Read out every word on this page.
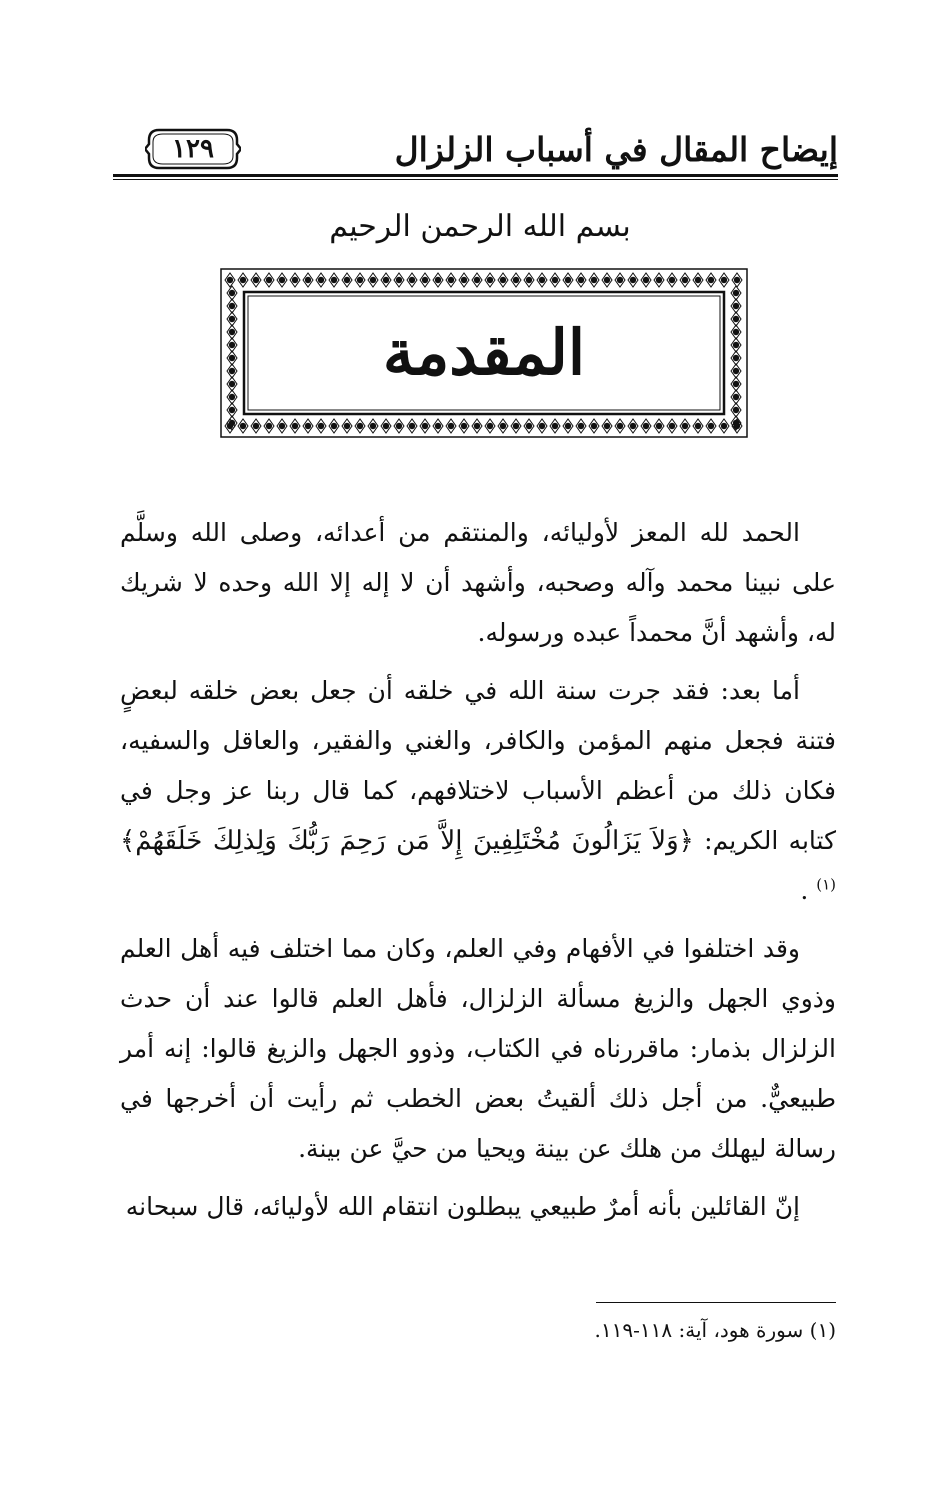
١٢٩	إيضاح المقال في أسباب الزلزال
بسم الله الرحمن الرحيم
المقدمة

الحمد لله المعز لأوليائه، والمنتقم من أعدائه، وصلى الله وسلَّم على نبينا محمد وآله وصحبه، وأشهد أن لا إله إلا الله وحده لا شريك له، وأشهد أنَّ محمداً عبده ورسوله.

أما بعد: فقد جرت سنة الله في خلقه أن جعل بعض خلقه لبعضٍ فتنة فجعل منهم المؤمن والكافر، والغني والفقير، والعاقل والسفيه، فكان ذلك من أعظم الأسباب لاختلافهم، كما قال ربنا عز وجل في كتابه الكريم: ﴿وَلاَ يَزَالُونَ مُخْتَلِفِينَ إِلاَّ مَن رَحِمَ رَبُّكَ وَلِذلِكَ خَلَقَهُمْ﴾ $^{(١)}$ .

وقد اختلفوا في الأفهام وفي العلم، وكان مما اختلف فيه أهل العلم وذوي الجهل والزيغ مسألة الزلزال، فأهل العلم قالوا عند أن حدث الزلزال بذمار: ماقررناه في الكتاب، وذوو الجهل والزيغ قالوا: إنه أمر طبيعيٌّ. من أجل ذلك ألقيتُ بعض الخطب ثم رأيت أن أخرجها في رسالة ليهلك من هلك عن بينة ويحيا من حيَّ عن بينة.

إنّ القائلين بأنه أمرٌ طبيعي يبطلون انتقام الله لأوليائه، قال سبحانه

(١) سورة هود، آية: ١١٨-١١٩.
